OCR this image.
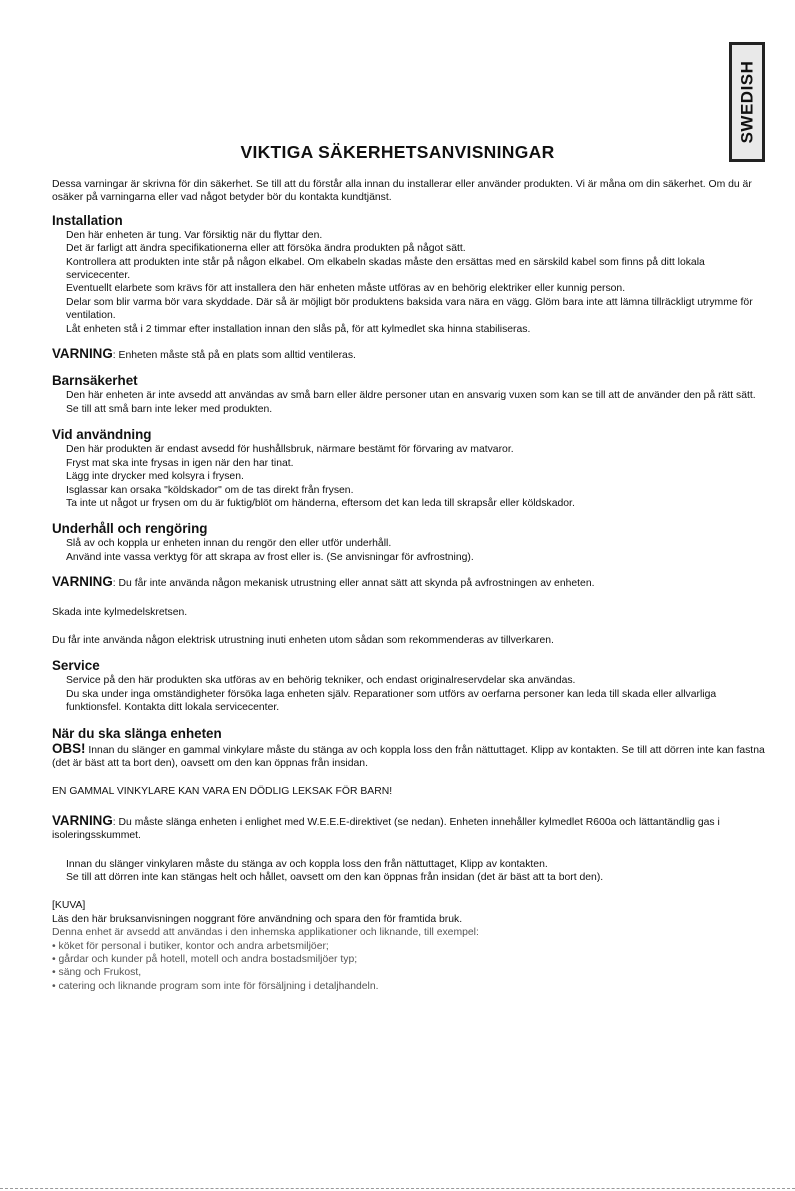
SWEDISH
VIKTIGA SÄKERHETSANVISNINGAR

Dessa varningar är skrivna för din säkerhet. Se till att du förstår alla innan du installerar eller använder produkten. Vi är måna om din säkerhet. Om du är osäker på varningarna eller vad något betyder bör du kontakta kundtjänst.

Installation

Den här enheten är tung. Var försiktig när du flyttar den.

Det är farligt att ändra specifikationerna eller att försöka ändra produkten på något sätt.

Kontrollera att produkten inte står på någon elkabel. Om elkabeln skadas måste den ersättas med en särskild kabel som finns på ditt lokala servicecenter.

Eventuellt elarbete som krävs för att installera den här enheten måste utföras av en behörig elektriker eller kunnig person.

Delar som blir varma bör vara skyddade. Där så är möjligt bör produktens baksida vara nära en vägg. Glöm bara inte att lämna tillräckligt utrymme för ventilation.

Låt enheten stå i 2 timmar efter installation innan den slås på, för att kylmedlet ska hinna stabiliseras.

VARNING: Enheten måste stå på en plats som alltid ventileras.

Barnsäkerhet

Den här enheten är inte avsedd att användas av små barn eller äldre personer utan en ansvarig vuxen som kan se till att de använder den på rätt sätt.

Se till att små barn inte leker med produkten.

Vid användning

Den här produkten är endast avsedd för hushållsbruk, närmare bestämt för förvaring av matvaror.

Fryst mat ska inte frysas in igen när den har tinat.

Lägg inte drycker med kolsyra i frysen.

Isglassar kan orsaka "köldskador" om de tas direkt från frysen.

Ta inte ut något ur frysen om du är fuktig/blöt om händerna, eftersom det kan leda till skrapsår eller köldskador.

Underhåll och rengöring

Slå av och koppla ur enheten innan du rengör den eller utför underhåll.

Använd inte vassa verktyg för att skrapa av frost eller is. (Se anvisningar för avfrostning).

VARNING: Du får inte använda någon mekanisk utrustning eller annat sätt att skynda på avfrostningen av enheten.

Skada inte kylmedelskretsen.

Du får inte använda någon elektrisk utrustning inuti enheten utom sådan som rekommenderas av tillverkaren.

Service

Service på den här produkten ska utföras av en behörig tekniker, och endast originalreservdelar ska användas.

Du ska under inga omständigheter försöka laga enheten själv. Reparationer som utförs av oerfarna personer kan leda till skada eller allvarliga funktionsfel. Kontakta ditt lokala servicecenter.

När du ska slänga enheten

OBS! Innan du slänger en gammal vinkylare måste du stänga av och koppla loss den från nättuttaget. Klipp av kontakten. Se till att dörren inte kan fastna (det är bäst att ta bort den), oavsett om den kan öppnas från insidan.

EN GAMMAL VINKYLARE KAN VARA EN DÖDLIG LEKSAK FÖR BARN!

VARNING: Du måste slänga enheten i enlighet med W.E.E.E-direktivet (se nedan). Enheten innehåller kylmedlet R600a och lättantändlig gas i isoleringsskummet.

Innan du slänger vinkylaren måste du stänga av och koppla loss den från nättuttaget, Klipp av kontakten.

Se till att dörren inte kan stängas helt och hållet, oavsett om den kan öppnas från insidan (det är bäst att ta bort den).

[KUVA]

Läs den här bruksanvisningen noggrant före användning och spara den för framtida bruk.

Denna enhet är avsedd att användas i den inhemska applikationer och liknande, till exempel:

• köket för personal i butiker, kontor och andra arbetsmiljöer;

• gårdar och kunder på hotell, motell och andra bostadsmiljöer typ;

• säng och Frukost,

• catering och liknande program som inte för försäljning i detaljhandeln.
